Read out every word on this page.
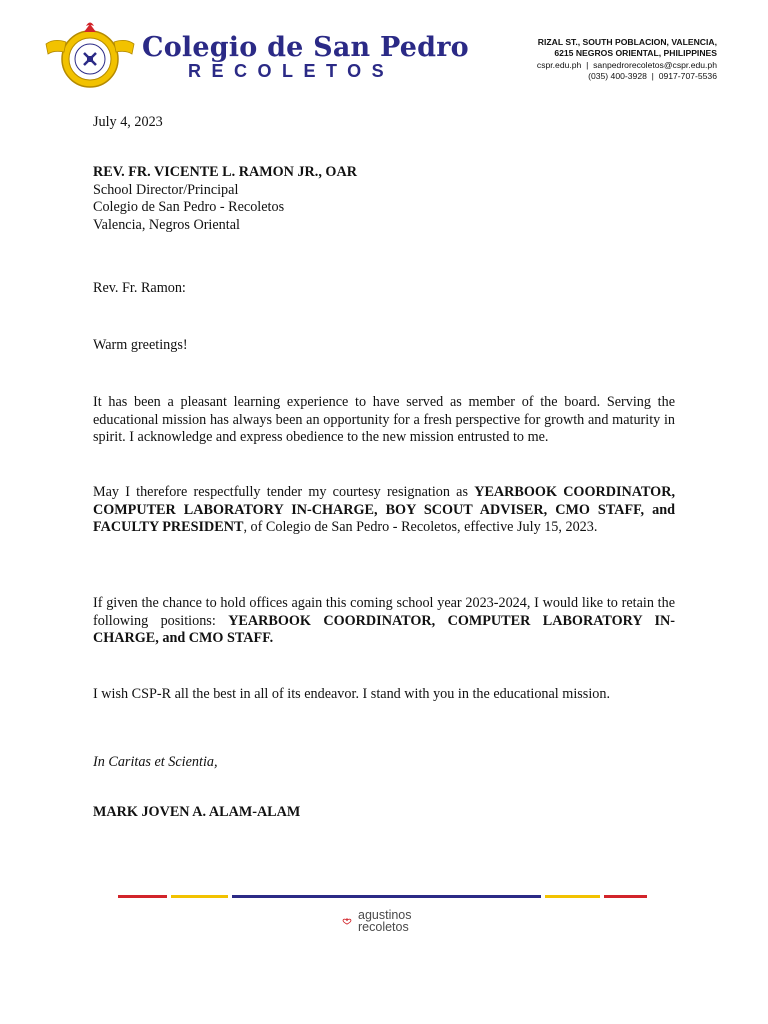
Colegio de San Pedro
RECOLETOS
RIZAL ST., SOUTH POBLACION, VALENCIA,
6215 NEGROS ORIENTAL, PHILIPPINES
cspr.edu.ph | sanpedrorecoletos@cspr.edu.ph
(035) 400-3928 | 0917-707-5536
July 4, 2023
REV. FR. VICENTE L. RAMON JR., OAR
School Director/Principal
Colegio de San Pedro - Recoletos
Valencia, Negros Oriental
Rev. Fr. Ramon:
Warm greetings!
It has been a pleasant learning experience to have served as member of the board. Serving the educational mission has always been an opportunity for a fresh perspective for growth and maturity in spirit. I acknowledge and express obedience to the new mission entrusted to me.
May I therefore respectfully tender my courtesy resignation as YEARBOOK COORDINATOR, COMPUTER LABORATORY IN-CHARGE, BOY SCOUT ADVISER, CMO STAFF, and FACULTY PRESIDENT, of Colegio de San Pedro - Recoletos, effective July 15, 2023.
If given the chance to hold offices again this coming school year 2023-2024, I would like to retain the following positions: YEARBOOK COORDINATOR, COMPUTER LABORATORY IN-CHARGE, and CMO STAFF.
I wish CSP-R all the best in all of its endeavor. I stand with you in the educational mission.
In Caritas et Scientia,
MARK JOVEN A. ALAM-ALAM
agustinos
recoletos
